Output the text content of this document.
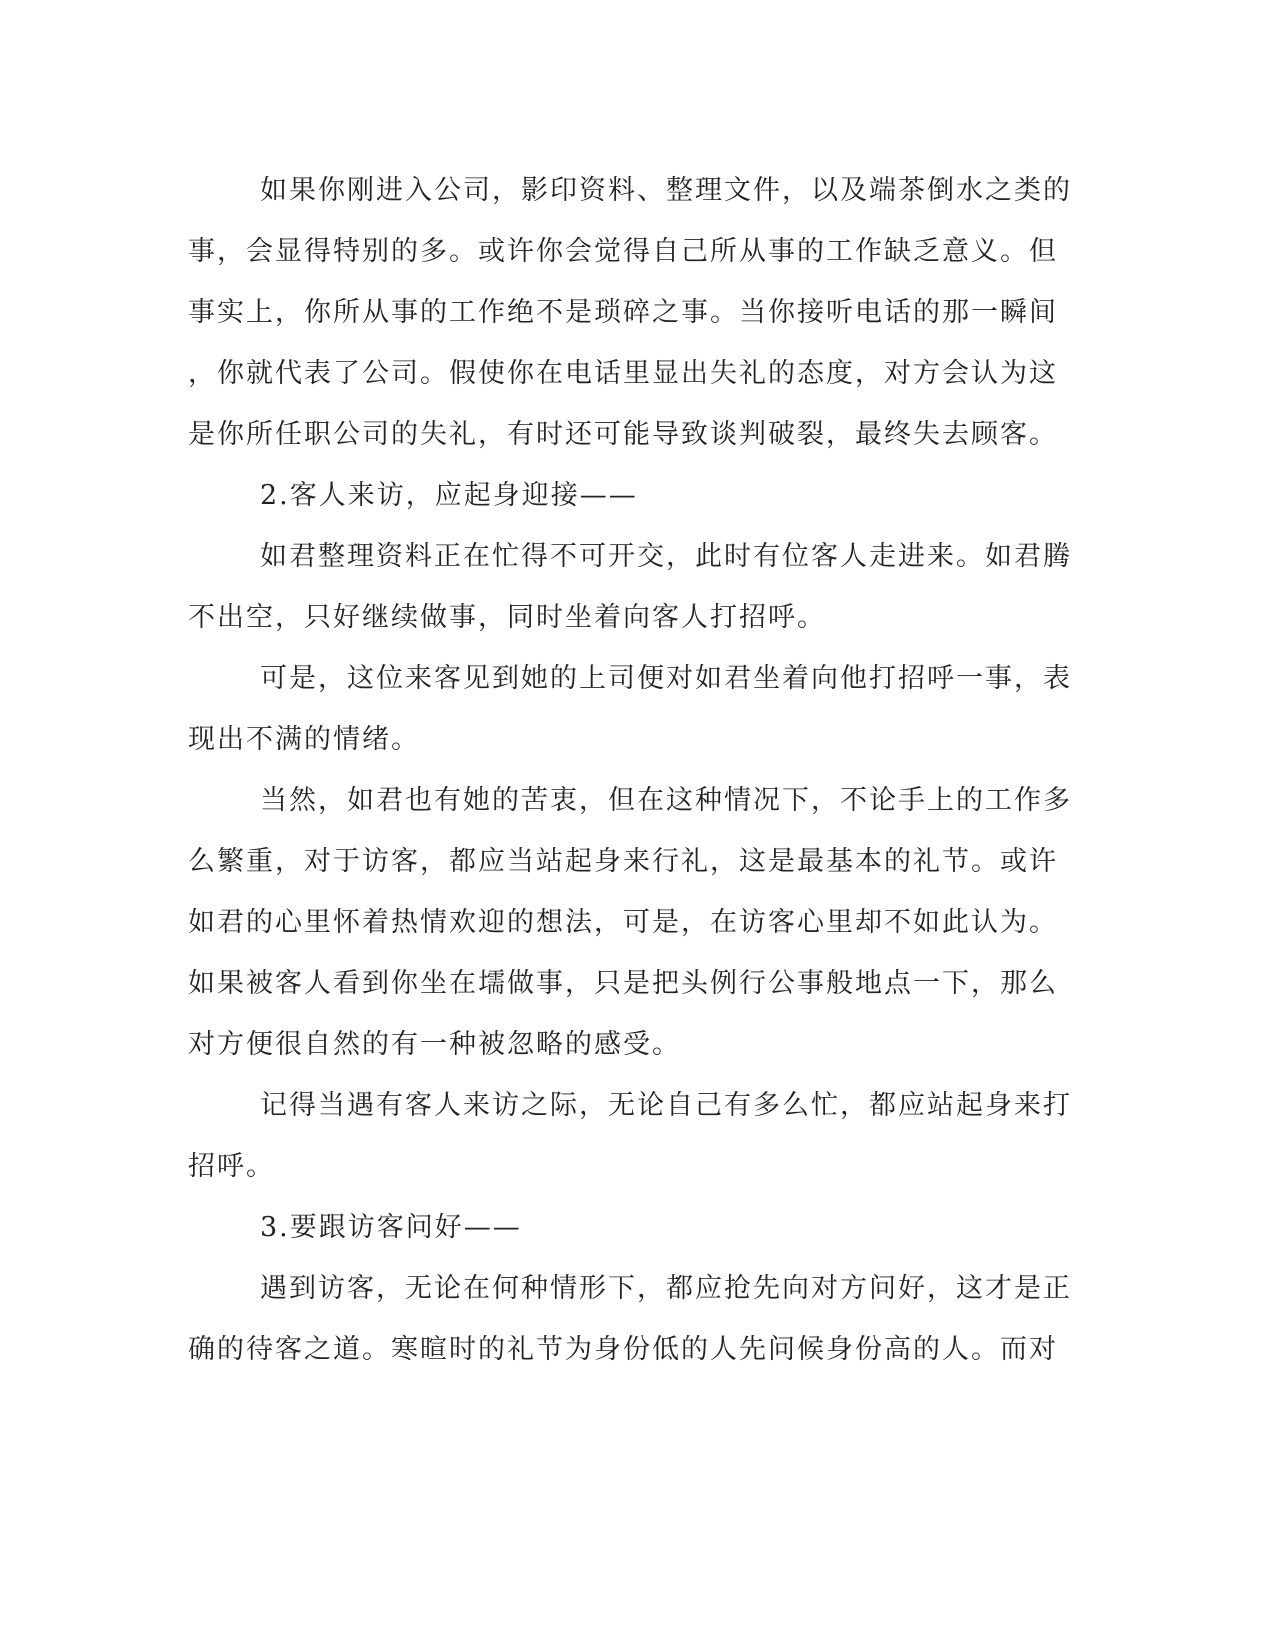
如果你刚进入公司，影印资料、整理文件，以及端茶倒水之类的
事，会显得特别的多。或许你会觉得自己所从事的工作缺乏意义。但
事实上，你所从事的工作绝不是琐碎之事。当你接听电话的那一瞬间
，你就代表了公司。假使你在电话里显出失礼的态度，对方会认为这
是你所任职公司的失礼，有时还可能导致谈判破裂，最终失去顾客。
2.客人来访，应起身迎接——
如君整理资料正在忙得不可开交，此时有位客人走进来。如君腾
不出空，只好继续做事，同时坐着向客人打招呼。
可是，这位来客见到她的上司便对如君坐着向他打招呼一事，表
现出不满的情绪。
当然，如君也有她的苦衷，但在这种情况下，不论手上的工作多
么繁重，对于访客，都应当站起身来行礼，这是最基本的礼节。或许
如君的心里怀着热情欢迎的想法，可是，在访客心里却不如此认为。
如果被客人看到你坐在壖做事，只是把头例行公事般地点一下，那么
对方便很自然的有一种被忽略的感受。
记得当遇有客人来访之际，无论自己有多么忙，都应站起身来打
招呼。
3.要跟访客问好——
遇到访客，无论在何种情形下，都应抢先向对方问好，这才是正
确的待客之道。寒暄时的礼节为身份低的人先问候身份高的人。而对
